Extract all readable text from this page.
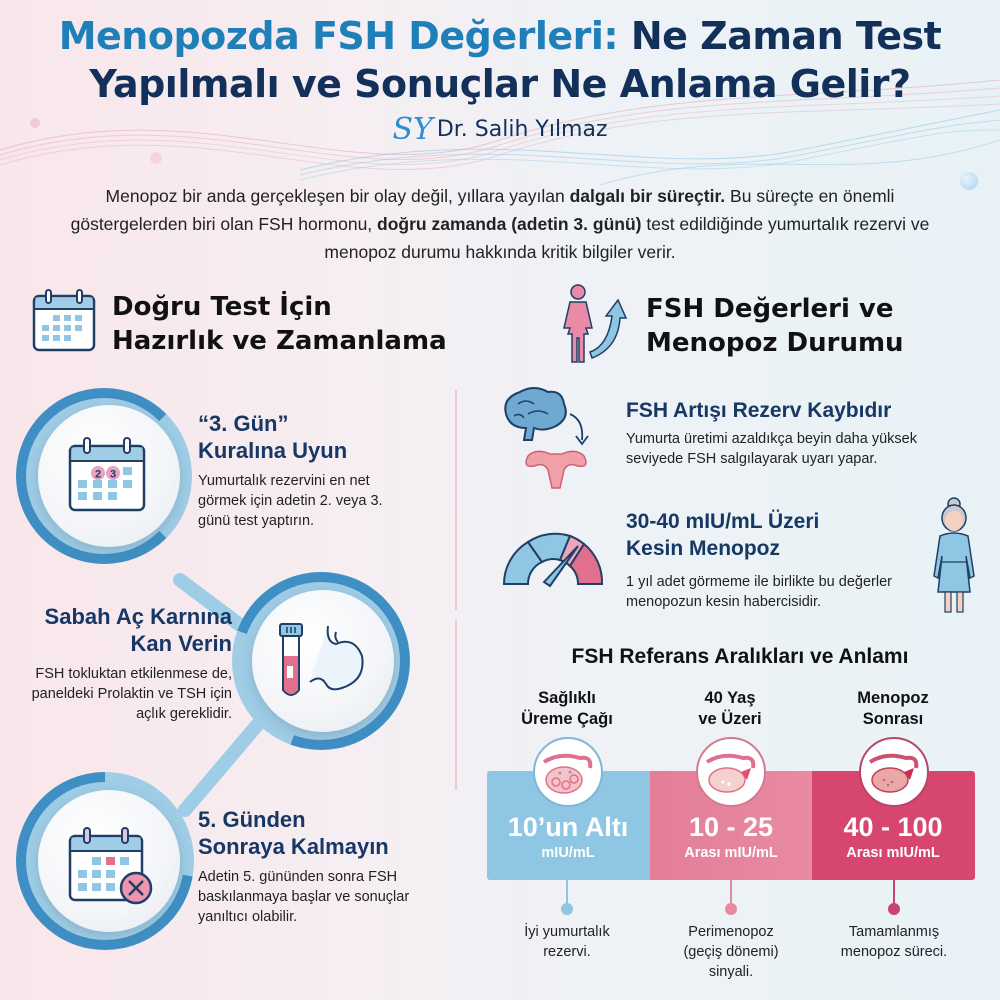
Menopozda FSH Değerleri: Ne Zaman Test
Yapılmalı ve Sonuçlar Ne Anlama Gelir?
SY Dr. Salih Yılmaz
Menopoz bir anda gerçekleşen bir olay değil, yıllara yayılan dalgalı bir süreçtir. Bu süreçte en önemli göstergelerden biri olan FSH hormonu, doğru zamanda (adetin 3. günü) test edildiğinde yumurtalık rezervi ve menopoz durumu hakkında kritik bilgiler verir.
Doğru Test İçin
Hazırlık ve Zamanlama
2 3
“3. Gün”
Kuralına Uyun
Yumurtalık rezervini en net görmek için adetin 2. veya 3. günü test yaptırın.
Sabah Aç Karnına
Kan Verin
FSH tokluktan etkilenmese de, paneldeki Prolaktin ve TSH için açlık gereklidir.
5. Günden
Sonraya Kalmayın
Adetin 5. gününden sonra FSH baskılanmaya başlar ve sonuçlar yanıltıcı olabilir.
FSH Değerleri ve
Menopoz Durumu
FSH Artışı Rezerv Kaybıdır
Yumurta üretimi azaldıkça beyin daha yüksek seviyede FSH salgılayarak uyarı yapar.
30-40 mIU/mL Üzeri
Kesin Menopoz
1 yıl adet görmeme ile birlikte bu değerler menopozun kesin habercisidir.
FSH Referans Aralıkları ve Anlamı
Sağlıklı
Üreme Çağı
40 Yaş
ve Üzeri
Menopoz
Sonrası
10’un Altı
mIU/mL
10 - 25
Arası mIU/mL
40 - 100
Arası mIU/mL
İyi yumurtalık rezervi.
Perimenopoz (geçiş dönemi) sinyali.
Tamamlanmış menopoz süreci.
